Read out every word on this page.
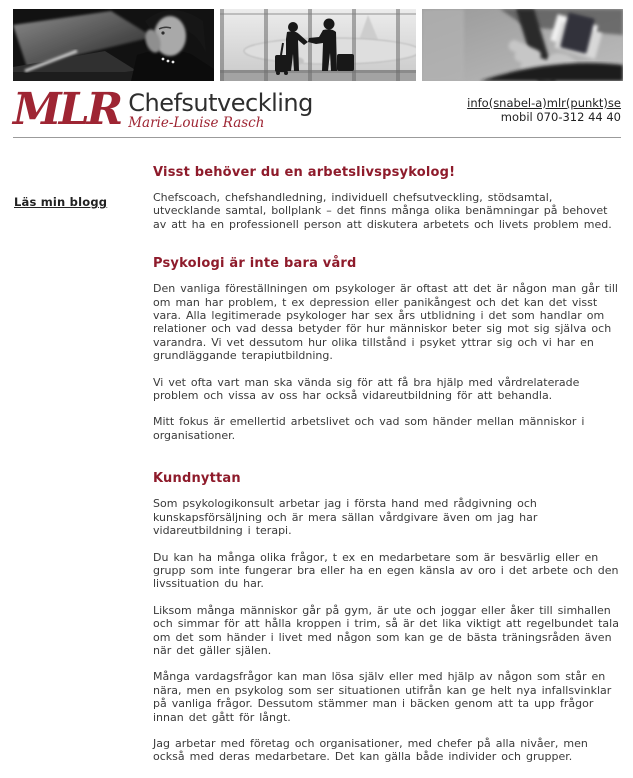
MLR Chefsutveckling
Marie-Louise Rasch
info(snabel-a)mlr(punkt)se
mobil 070-312 44 40
Läs min blogg
Visst behöver du en arbetslivspsykolog!

Chefscoach, chefshandledning, individuell chefsutveckling, stödsamtal, utvecklande samtal, bollplank – det finns många olika benämningar på behovet av att ha en professionell person att diskutera arbetets och livets problem med.

Psykologi är inte bara vård

Den vanliga föreställningen om psykologer är oftast att det är någon man går till om man har problem, t ex depression eller panikångest och det kan det visst vara. Alla legitimerade psykologer har sex års utblidning i det som handlar om relationer och vad dessa betyder för hur människor beter sig mot sig själva och varandra. Vi vet dessutom hur olika tillstånd i psyket yttrar sig och vi har en grundläggande terapiutbildning.

Vi vet ofta vart man ska vända sig för att få bra hjälp med vårdrelaterade problem och vissa av oss har också vidareutbildning för att behandla.

Mitt fokus är emellertid arbetslivet och vad som händer mellan människor i organisationer.

Kundnyttan

Som psykologikonsult arbetar jag i första hand med rådgivning och kunskapsförsäljning och är mera sällan vårdgivare även om jag har vidareutbildning i terapi.

Du kan ha många olika frågor, t ex en medarbetare som är besvärlig eller en grupp som inte fungerar bra eller ha en egen känsla av oro i det arbete och den livssituation du har.

Liksom många människor går på gym, är ute och joggar eller åker till simhallen och simmar för att hålla kroppen i trim, så är det lika viktigt att regelbundet tala om det som händer i livet med någon som kan ge de bästa träningsråden även när det gäller själen.

Många vardagsfrågor kan man lösa själv eller med hjälp av någon som står en nära, men en psykolog som ser situationen utifrån kan ge helt nya infallsvinklar på vanliga frågor. Dessutom stämmer man i bäcken genom att ta upp frågor innan det gått för långt.

Jag arbetar med företag och organisationer, med chefer på alla nivåer, men också med deras medarbetare. Det kan gälla både individer och grupper.
